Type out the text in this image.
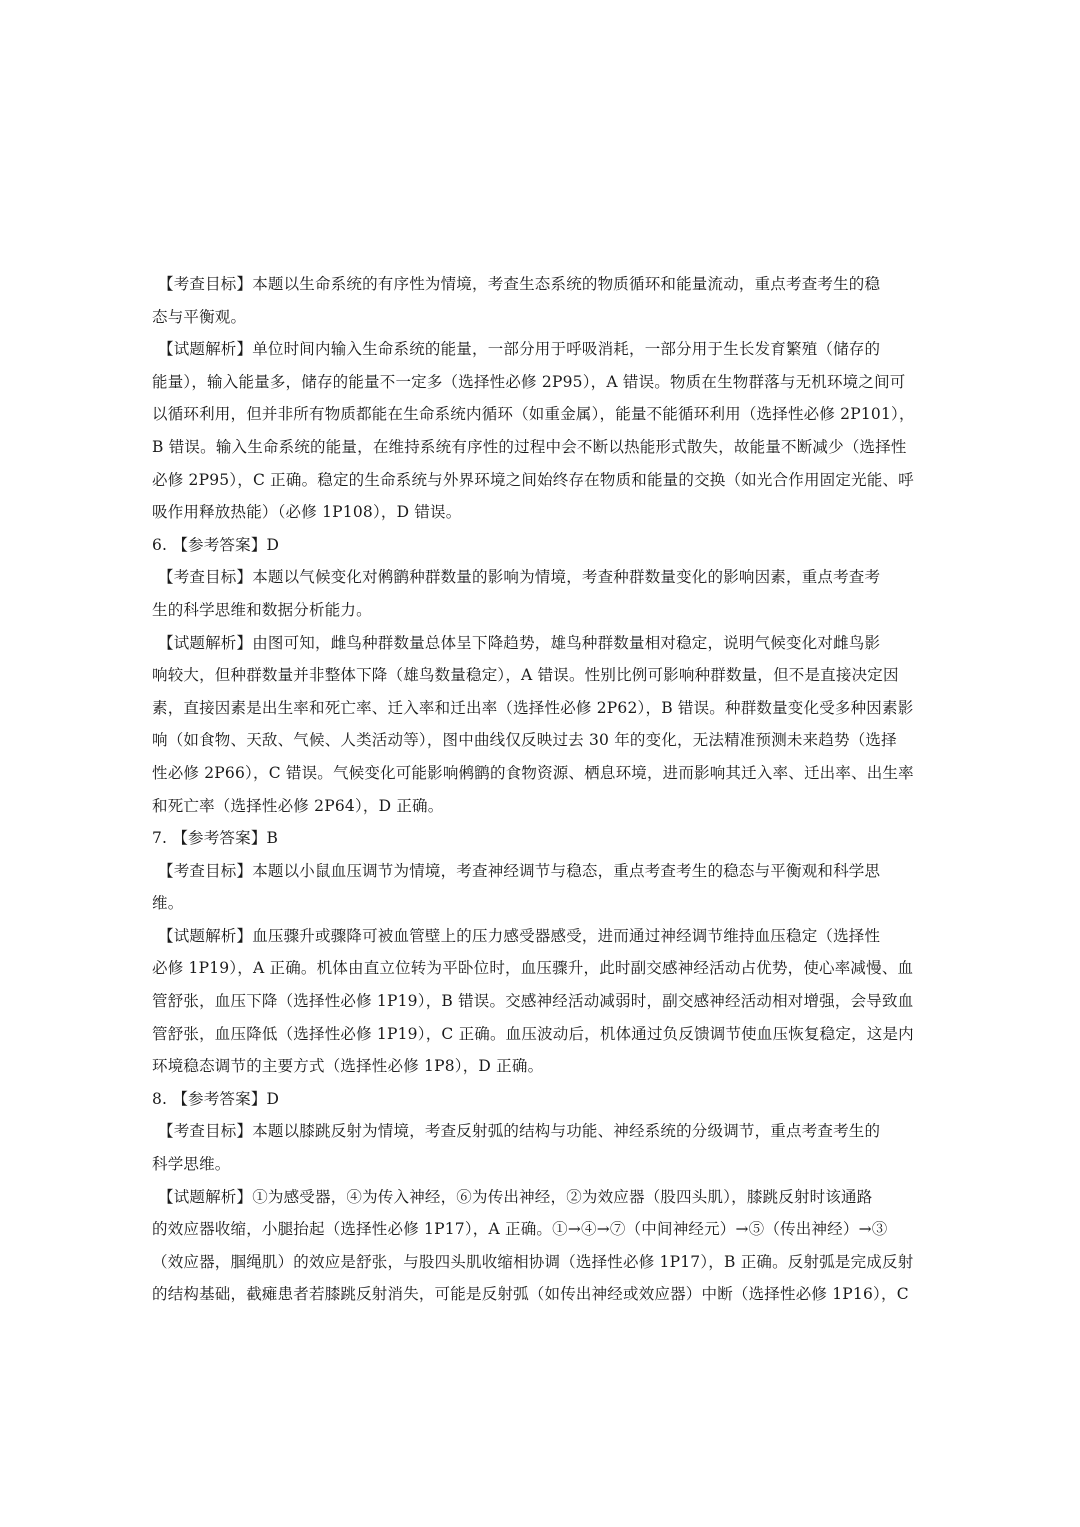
【考查目标】本题以生命系统的有序性为情境，考查生态系统的物质循环和能量流动，重点考查考生的稳
态与平衡观。
【试题解析】单位时间内输入生命系统的能量，一部分用于呼吸消耗，一部分用于生长发育繁殖（储存的
能量），输入能量多，储存的能量不一定多（选择性必修 2P95），A 错误。物质在生物群落与无机环境之间可
以循环利用，但并非所有物质都能在生命系统内循环（如重金属），能量不能循环利用（选择性必修 2P101），
B 错误。输入生命系统的能量，在维持系统有序性的过程中会不断以热能形式散失，故能量不断减少（选择性
必修 2P95），C 正确。稳定的生命系统与外界环境之间始终存在物质和能量的交换（如光合作用固定光能、呼
吸作用释放热能）（必修 1P108），D 错误。
6. 【参考答案】D
【考查目标】本题以气候变化对鸺鹠种群数量的影响为情境，考查种群数量变化的影响因素，重点考查考
生的科学思维和数据分析能力。
【试题解析】由图可知，雌鸟种群数量总体呈下降趋势，雄鸟种群数量相对稳定，说明气候变化对雌鸟影
响较大，但种群数量并非整体下降（雄鸟数量稳定），A 错误。性别比例可影响种群数量，但不是直接决定因
素，直接因素是出生率和死亡率、迁入率和迁出率（选择性必修 2P62），B 错误。种群数量变化受多种因素影
响（如食物、天敌、气候、人类活动等），图中曲线仅反映过去 30 年的变化，无法精准预测未来趋势（选择
性必修 2P66），C 错误。气候变化可能影响鸺鹠的食物资源、栖息环境，进而影响其迁入率、迁出率、出生率
和死亡率（选择性必修 2P64），D 正确。
7. 【参考答案】B
【考查目标】本题以小鼠血压调节为情境，考查神经调节与稳态，重点考查考生的稳态与平衡观和科学思
维。
【试题解析】血压骤升或骤降可被血管壁上的压力感受器感受，进而通过神经调节维持血压稳定（选择性
必修 1P19），A 正确。机体由直立位转为平卧位时，血压骤升，此时副交感神经活动占优势，使心率减慢、血
管舒张，血压下降（选择性必修 1P19），B 错误。交感神经活动减弱时，副交感神经活动相对增强，会导致血
管舒张，血压降低（选择性必修 1P19），C 正确。血压波动后，机体通过负反馈调节使血压恢复稳定，这是内
环境稳态调节的主要方式（选择性必修 1P8），D 正确。
8. 【参考答案】D
【考查目标】本题以膝跳反射为情境，考查反射弧的结构与功能、神经系统的分级调节，重点考查考生的
科学思维。
【试题解析】①为感受器，④为传入神经，⑥为传出神经，②为效应器（股四头肌），膝跳反射时该通路
的效应器收缩，小腿抬起（选择性必修 1P17），A 正确。①→④→⑦（中间神经元）→⑤（传出神经）→③
（效应器，腘绳肌）的效应是舒张，与股四头肌收缩相协调（选择性必修 1P17），B 正确。反射弧是完成反射
的结构基础，截瘫患者若膝跳反射消失，可能是反射弧（如传出神经或效应器）中断（选择性必修 1P16），C
